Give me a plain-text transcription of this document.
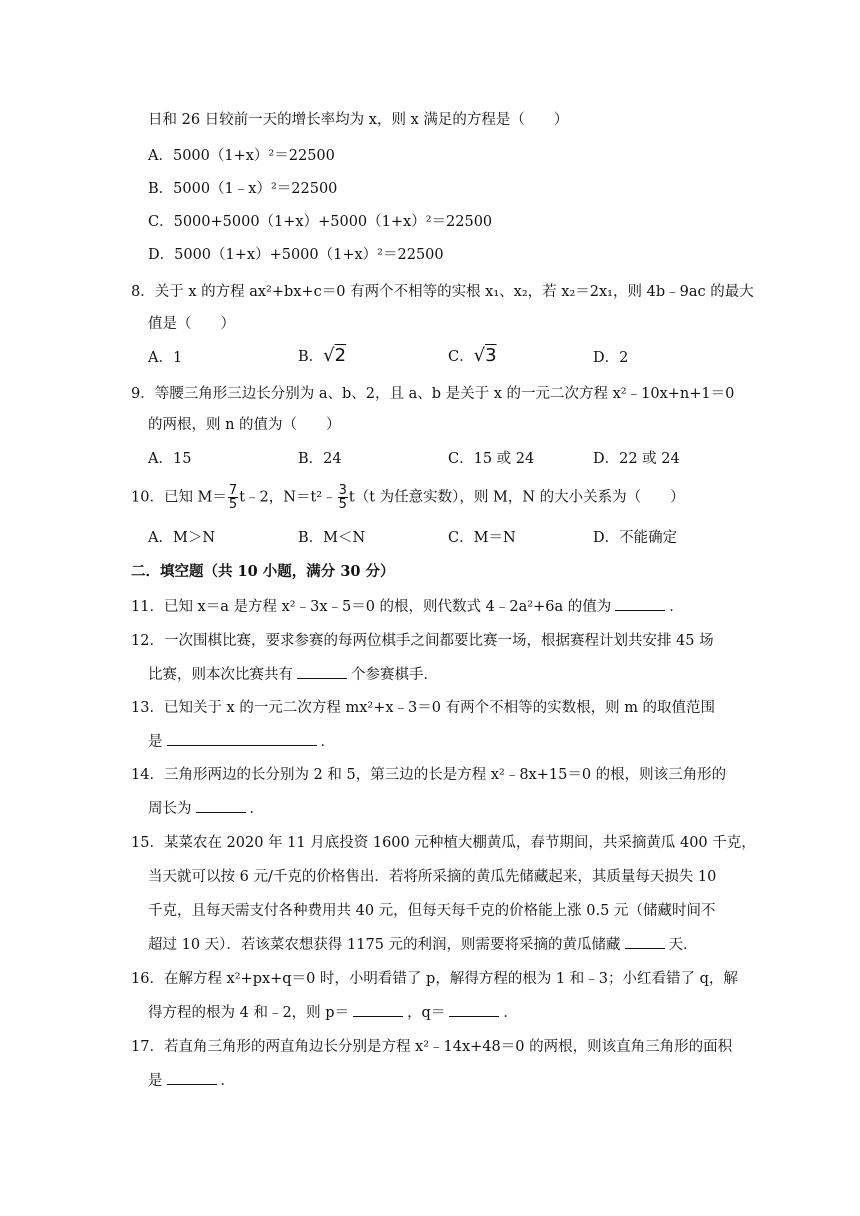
日和 26 日较前一天的增长率均为 x，则 x 满足的方程是（　　）
A．5000（1+x）²＝22500
B．5000（1﹣x）²＝22500
C．5000+5000（1+x）+5000（1+x）²＝22500
D．5000（1+x）+5000（1+x）²＝22500
8．关于 x 的方程 ax²+bx+c＝0 有两个不相等的实根 x₁、x₂，若 x₂＝2x₁，则 4b﹣9ac 的最大
值是（　　）
A．1	B．√2	C．√3	D．2
9．等腰三角形三边长分别为 a、b、2，且 a、b 是关于 x 的一元二次方程 x²﹣10x+n+1＝0
的两根，则 n 的值为（　　）
A．15	B．24	C．15 或 24	D．22 或 24
10．已知 $M= \frac{7}{5}$ t﹣2，N＝t²﹣ $\frac{3}{5} t(t$ 为任意实数），则 M，N 的大小关系为（　　）
A．M＞N	B．M＜N	C．M＝N	D．不能确定
二．填空题（共 10 小题，满分 30 分）
11．已知 x＝a 是方程 x²﹣3x﹣5＝0 的根，则代数式 4﹣2a²+6a 的值为	．
12．一次围棋比赛，要求参赛的每两位棋手之间都要比赛一场，根据赛程计划共安排 45 场
比赛，则本次比赛共有	个参赛棋手．
13．已知关于 x 的一元二次方程 mx²+x﹣3＝0 有两个不相等的实数根，则 m 的取值范围
是	．
14．三角形两边的长分别为 2 和 5，第三边的长是方程 x²﹣8x+15＝0 的根，则该三角形的
周长为	．
15．某菜农在 2020 年 11 月底投资 1600 元种植大棚黄瓜，春节期间，共采摘黄瓜 400 千克，
当天就可以按 6 元/千克的价格售出．若将所采摘的黄瓜先储藏起来，其质量每天损失 10
千克，且每天需支付各种费用共 40 元，但每天每千克的价格能上涨 0.5 元（储藏时间不
超过 10 天）．若该菜农想获得 1175 元的利润，则需要将采摘的黄瓜储藏	天．
16．在解方程 x²+px+q＝0 时，小明看错了 p，解得方程的根为 1 和﹣3；小红看错了 q，解
得方程的根为 4 和﹣2，则 p＝	，q＝	．
17．若直角三角形的两直角边长分别是方程 x²﹣14x+48＝0 的两根，则该直角三角形的面积
是	．
